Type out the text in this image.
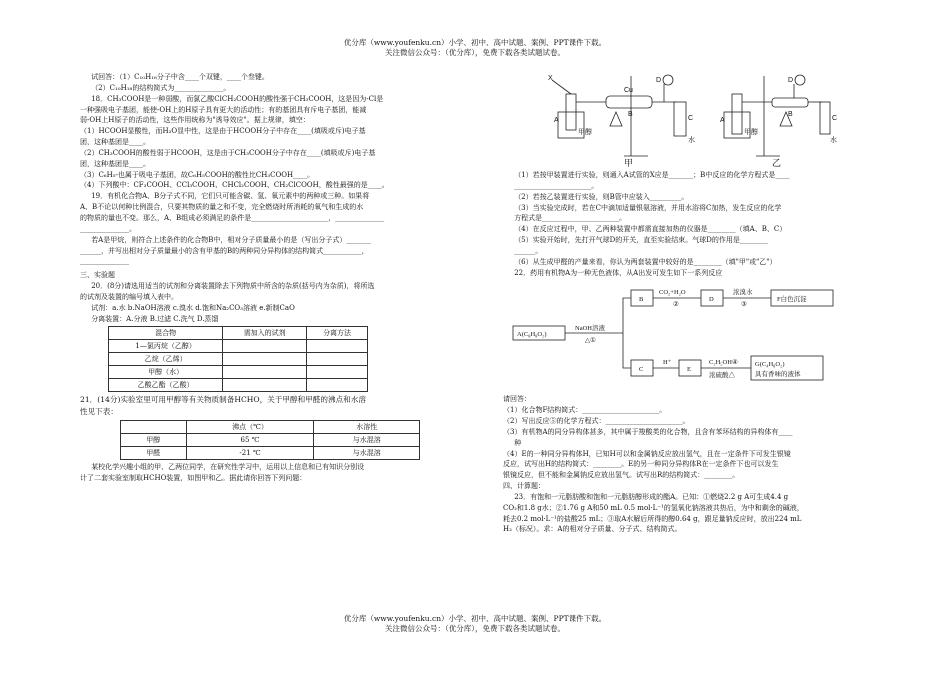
优分库（www.youfenku.cn）小学、初中、高中试题、案例、PPT课件下载。

关注微信公众号：（优分库），免费下载各类试题试卷。

试回答：（1）C₁₀H₁₈分子中含____个双键，____个叁键。

（2）C₁₀H₁₈的结构简式为______________。

18．CH₃COOH是一种弱酸，而氯乙酸ClCH₂COOH的酸性强于CH₃COOH，这是因为-Cl是

一种强吸电子基团，能使-OH上的H原子具有更大的活动性；有的基团具有斥电子基团，能减

弱-OH上H原子的活动性，这些作用统称为"诱导效应"。据上规律，填空：

（1）HCOOH显酸性，而H₂O显中性，这是由于HCOOH分子中存在____(填吸或斥)电子基

团，这种基团是____。

（2）CH₃COOH的酸性弱于HCOOH，这是由于CH₃COOH分子中存在____(填吸或斥)电子基

团，这种基团是____。

（3）C₆H₅-也属于吸电子基团，故C₆H₅COOH的酸性比CH₃COOH____。

（4）下列酸中：CF₃COOH、CCl₃COOH、CHCl₂COOH、CH₂ClCOOH，酸性最强的是____。

19．有机化合物A、B分子式不同，它们只可能含碳、氢、氧元素中的两种或三种。如果将

A、B不论以何种比例混合，只要其物质的量之和不变，完全燃烧时所消耗的氧气和生成的水

的物质的量也不变。那么，A、B组成必须满足的条件是______________________，______________

______________。

若A是甲烷，则符合上述条件的化合物B中，相对分子质量最小的是（写出分子式）_______

______，并写出相对分子质量最小的含有甲基的B的两种同分异构体的结构简式___________，

______________

三、实验题

20．(8分)请选用适当的试剂和分离装置除去下列物质中所含的杂质(括号内为杂质)，将所选

的试剂及装置的编号填入表中。

试剂：a.水 b.NaOH溶液 c.溴水 d.饱和Na₂CO₃溶液 e.新制CaO

分离装置：A.分液 B.过滤 C.洗气 D.蒸馏

混合物	需加入的试剂	分离方法
1—氯丙烷（乙醇）		
乙烷（乙烯）		
甲醇（水）		
乙酸乙酯（乙酸）		

21．(14分)实验室里可用甲醇等有关物质制备HCHO，关于甲醇和甲醛的沸点和水溶

性见下表：

	沸点（℃）	水溶性
甲醇	65 ℃	与水混溶
甲醛	-21 ℃	与水混溶

某校化学兴趣小组的甲、乙两位同学，在研究性学习中，运用以上信息和已有知识分别设

计了二套实验室制取HCHO装置，如图甲和乙。据此请你回答下列问题：

X
Cu
D	D
A
B
C	A
B
C
甲醇	甲醇
水	水
甲	乙

（1）若按甲装置进行实验，则通入A试管的X应是_______；B中反应的化学方程式是____

______________________。

（2）若按乙装置进行实验，则B管中应装入_________。

（3）当实验完成时，若在C中滴加适量银氨溶液，并用水浴将C加热，发生反应的化学

方程式是______________________。

（4）在反应过程中，甲、乙两种装置中都需直接加热的仪器是________（填A、B、C）

（5）实验开始时，先打开气球D的开关，直至实验结束。气球D的作用是________

______。

（6）从生成甲醛的产量来看，你认为两套装置中较好的是________（填"甲"或"乙"）

22．药用有机物A为一种无色液体，从A出发可发生如下一系列反应

A(C₈H₈O₂)
NaOH溶液
△①
B
CO₂+H₂O
②
D
浓溴水
③
F白色沉淀
C
H⁺
E
C₂H₅OH④
浓硫酸△
G(C₄H₈O₂)
具有香味的液体

请回答：

（1）化合物F结构简式：______________________。

（2）写出反应⑤的化学方程式：______________________。

（3）有机物A的同分异构体甚多，其中属于羧酸类的化合物，且含有苯环结构的异构体有____

种

（4）E的一种同分异构体H，已知H可以和金属钠反应放出氢气，且在一定条件下可发生银镜

反应，试写出H的结构简式：________。E的另一种同分异构体R在一定条件下也可以发生

银镜反应，但不能和金属钠反应放出氢气。试写出R的结构简式：________。

四、计算题：

23．有饱和一元脂肪酸和饱和一元脂肪醇形成的酯A。已知：①燃烧2.2 g A可生成4.4 g

CO₂和1.8 g水；②1.76 g A和50 mL 0.5 mol·L⁻¹的氢氧化钠溶液共热后，为中和剩余的碱液，

耗去0.2 mol·L⁻¹的盐酸25 mL；③取A水解后所得的醇0.64 g，跟足量钠反应时，放出224 mL

H₂（标况）。求：A的相对分子质量、分子式、结构简式。

优分库（www.youfenku.cn）小学、初中、高中试题、案例、PPT课件下载。

关注微信公众号：（优分库），免费下载各类试题试卷。
